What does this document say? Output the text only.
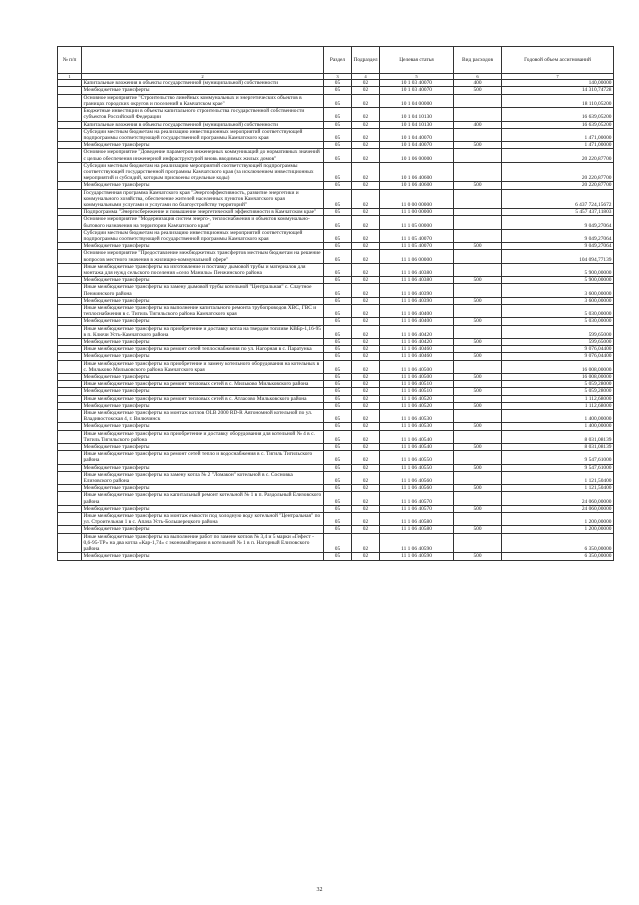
№ п/п		Раздел	Подраздел	Целевая статья	Вид расходов	Годовой объем ассигнований
1	2	3	4	5	6	7
	Капитальные вложения в объекты государственной (муниципальной) собственности	05	02	10 1 03 40070	400	140,00000
	Межбюджетные трансферты	05	02	10 1 03 40070	500	14 310,74728
	Основное мероприятие "Строительство линейных коммунальных и энергетических объектов в границах городских округов и поселений в Камчатском крае"	05	02	10 1 04 00000		18 110,05200
	Бюджетные инвестиции в объекты капитального строительства государственной собственности субъектов Российской Федерации	05	02	10 1 04 10130		16 639,05200
	Капитальные вложения в объекты государственной (муниципальной) собственности	05	02	10 1 04 10130	400	16 639,05200
	Субсидии местным бюджетам на реализацию инвестиционных мероприятий соответствующей подпрограммы соответствующей государственной программы Камчатского края	05	02	10 1 04 40070		1 471,00000
	Межбюджетные трансферты	05	02	10 1 04 40070	500	1 471,00000
	Основное мероприятие "Доведение параметров инженерных коммуникаций до нормативных значений с целью обеспечения инженерной инфраструктурой вновь вводимых жилых домов"	05	02	10 1 06 00000		20 220,87700
	Субсидии местным бюджетам на реализацию мероприятий соответствующей подпрограммы соответствующей государственной программы Камчатского края (за исключением инвестиционных мероприятий и субсидий, которым присвоены отдельные коды)	05	02	10 1 06 40600		20 220,87700
	Межбюджетные трансферты	05	02	10 1 06 40600	500	20 220,87700
	Государственная программа Камчатского края "Энергоэффективность, развитие энергетики и коммунального хозяйства, обеспечение жителей населенных пунктов Камчатского края коммунальными услугами и услугами по благоустройству территорий"	05	02	11 0 00 00000		6 437 724,15672
	Подпрограмма "Энергосбережение и повышение энергетической эффективности в Камчатском крае"	05	02	11 1 00 00000		5 457 437,11803
	Основное мероприятие "Модернизация систем энерго-, теплоснабжения и объектов коммунально-бытового назначения на территории Камчатского края"	05	02	11 1 05 00000		9 049,27064
	Субсидии местным бюджетам на реализацию инвестиционных мероприятий соответствующей подпрограммы соответствующей государственной программы Камчатского края	05	02	11 1 05 40070		9 049,27064
	Межбюджетные трансферты	05	02	11 1 05 40070	500	9 049,27064
	Основное мероприятие "Предоставление межбюджетных трансфертов местным бюджетам на решение вопросов местного значения в жилищно-коммунальной сфере"	05	02	11 1 06 00000		104 094,77139
	Иные межбюджетные трансферты на изготовление и поставку дымовой трубы и материалов для монтажа для нужд сельского поселения «село Манилы» Пенжинского района	05	02	11 1 06 40380		5 900,00000
	Межбюджетные трансферты	05	02	11 1 06 40380	500	5 900,00000
	Иные межбюджетные трансферты на замену дымовой трубы котельной "Центральная" с. Слаутное Пенжинского района	05	02	11 1 06 40390		3 600,00000
	Межбюджетные трансферты	05	02	11 1 06 40390	500	3 600,00000
	Иные межбюджетные трансферты на выполнение капитального ремонта трубопроводов ХВС, ГВС и теплоснабжения в с. Тигиль Тигильского района Камчатского края	05	02	11 1 06 40400		5 030,00000
	Межбюджетные трансферты	05	02	11 1 06 40400	500	5 030,00000
	Иные межбюджетные трансферты на приобретение и доставку котла на твердом топливе КВБр-1,16-95 в п. Ключи Усть-Камчатского района	05	02	11 1 06 40420		599,65000
	Межбюджетные трансферты	05	02	11 1 06 40420	500	599,65000
	Иные межбюджетные трансферты на ремонт сетей теплоснабжения по ул. Нагорная в с. Паратунка	05	02	11 1 06 40460		9 076,04400
	Межбюджетные трансферты	05	02	11 1 06 40460	500	9 076,04400
	Иные межбюджетные трансферты на приобретение и замену котельного оборудования на котельных в с. Мильково Мильковского района Камчатского края	05	02	11 1 06 40500		16 008,00000
	Межбюджетные трансферты	05	02	11 1 06 40500	500	16 008,00000
	Иные межбюджетные трансферты на ремонт тепловых сетей в с. Мильково Мильковского района	05	02	11 1 06 40510		5 059,28000
	Межбюджетные трансферты	05	02	11 1 06 40510	500	5 059,28000
	Иные межбюджетные трансферты на ремонт тепловых сетей в с. Атласово Мильковского района	05	02	11 1 06 40520		1 112,68000
	Межбюджетные трансферты	05	02	11 1 06 40520	500	1 112,68000
	Иные межбюджетные трансферты на монтаж котлов OLB 2000 RD-R Автономной котельной по ул. Владивостокская 4, г. Вилючинск	05	02	11 1 06 40530		1 400,00000
	Межбюджетные трансферты	05	02	11 1 06 40530	500	1 400,00000
	Иные межбюджетные трансферты на приобретение и доставку оборудования для котельной № 4 в с. Тигиль Тигильского района	05	02	11 1 06 40540		8 031,08139
	Межбюджетные трансферты	05	02	11 1 06 40540	500	8 031,08139
	Иные межбюджетные трансферты на ремонт сетей тепло и водоснабжения в с. Тигиль Тигильского района	05	02	11 1 06 40550		9 547,61000
	Межбюджетные трансферты	05	02	11 1 06 40550	500	9 547,61000
	Иные межбюджетные трансферты на замену котла № 2 "Ломакон" котельной в с. Сосновка Елизовского района	05	02	11 1 06 40560		1 121,50400
	Межбюджетные трансферты	05	02	11 1 06 40560	500	1 121,50400
	Иные межбюджетные трансферты на капитальный ремонт котельной № 1 в п. Раздольный Елизовского района	05	02	11 1 06 40570		24 060,00000
	Межбюджетные трансферты	05	02	11 1 06 40570	500	24 060,00000
	Иные межбюджетные трансферты на монтаж емкости под холодную воду котельной "Центральная" по ул. Строительная 1 в с. Апача Усть-Большерецкого района	05	02	11 1 06 40580		1 200,00000
	Межбюджетные трансферты	05	02	11 1 06 40580	500	1 200,00000
	Иные межбюджетные трансферты на выполнение работ по замене котлов № 3,4 и 5 марки «Гефест - 0,6-95-ТР» на два котла «Кар-1,74» с экономайзерами в котельной № 1 в п. Нагорный Елизовского района	05	02	11 1 06 40590		6 350,00000
	Межбюджетные трансферты	05	02	11 1 06 40590	500	6 350,00000
32
